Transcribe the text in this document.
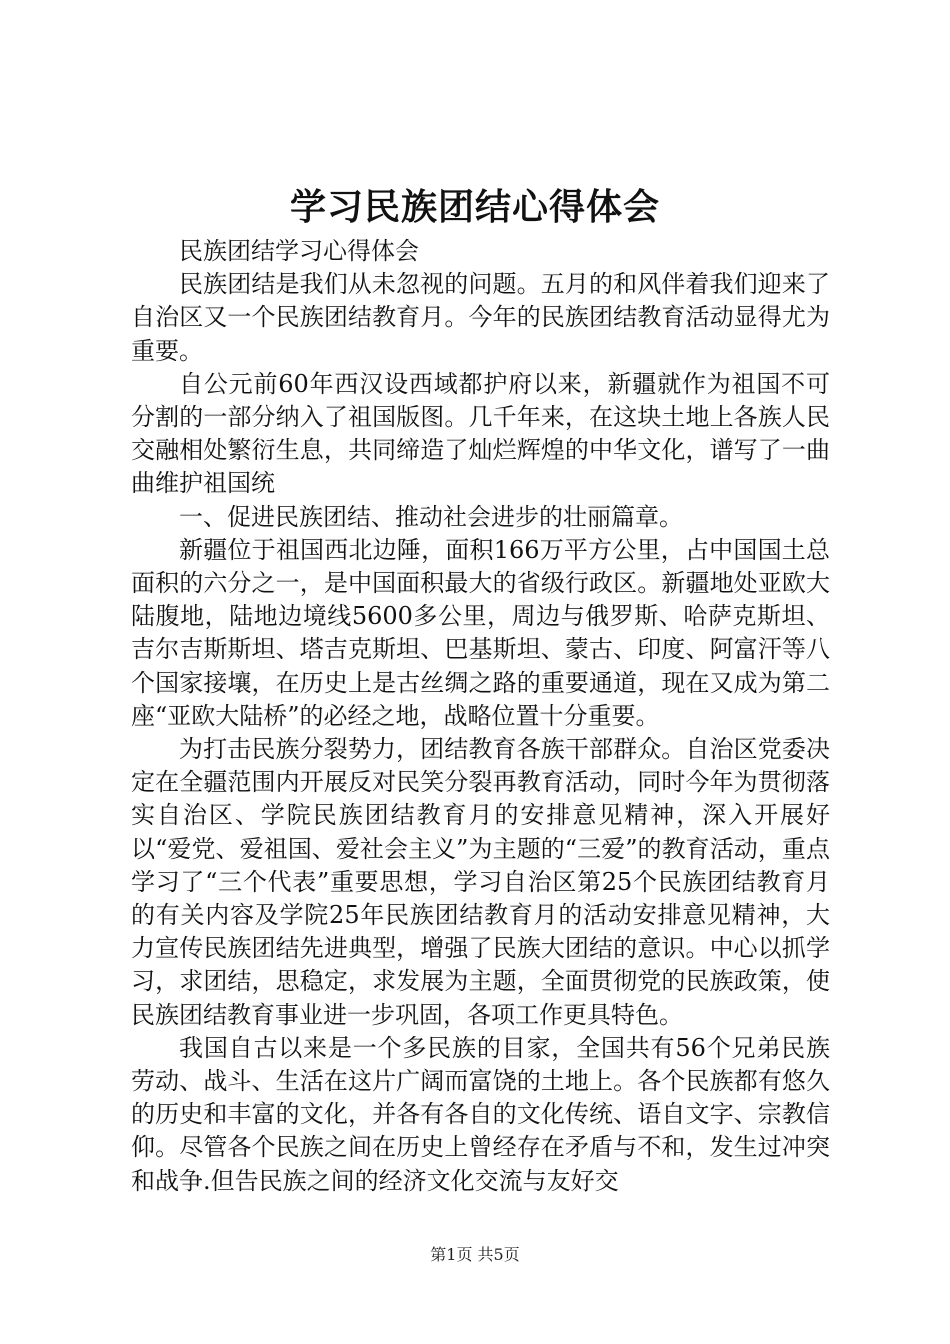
学习民族团结心得体会

民族团结学习心得体会

民族团结是我们从未忽视的问题。五月的和风伴着我们迎来了自治区又一个民族团结教育月。今年的民族团结教育活动显得尤为重要。

自公元前60年西汉设西域都护府以来，新疆就作为祖国不可分割的一部分纳入了祖国版图。几千年来，在这块土地上各族人民交融相处繁衍生息，共同缔造了灿烂辉煌的中华文化，谱写了一曲曲维护祖国统

一、促进民族团结、推动社会进步的壮丽篇章。

新疆位于祖国西北边陲，面积166万平方公里，占中国国土总面积的六分之一，是中国面积最大的省级行政区。新疆地处亚欧大陆腹地，陆地边境线5600多公里，周边与俄罗斯、哈萨克斯坦、吉尔吉斯斯坦、塔吉克斯坦、巴基斯坦、蒙古、印度、阿富汗等八个国家接壤，在历史上是古丝绸之路的重要通道，现在又成为第二座“亚欧大陆桥”的必经之地，战略位置十分重要。

为打击民族分裂势力，团结教育各族干部群众。自治区党委决定在全疆范围内开展反对民笑分裂再教育活动，同时今年为贯彻落实自治区、学院民族团结教育月的安排意见精神，深入开展好以“爱党、爱祖国、爱社会主义”为主题的“三爱”的教育活动，重点学习了“三个代表”重要思想，学习自治区第25个民族团结教育月的有关内容及学院25年民族团结教育月的活动安排意见精神，大力宣传民族团结先进典型，增强了民族大团结的意识。中心以抓学习，求团结，思稳定，求发展为主题，全面贯彻党的民族政策，使民族团结教育事业进一步巩固，各项工作更具特色。

我国自古以来是一个多民族的目家，全国共有56个兄弟民族劳动、战斗、生活在这片广阔而富饶的土地上。各个民族都有悠久的历史和丰富的文化，并各有各自的文化传统、语自文字、宗教信仰。尽管各个民族之间在历史上曾经存在矛盾与不和，发生过冲突和战争.但告民族之间的经济文化交流与友好交

第1页 共5页
